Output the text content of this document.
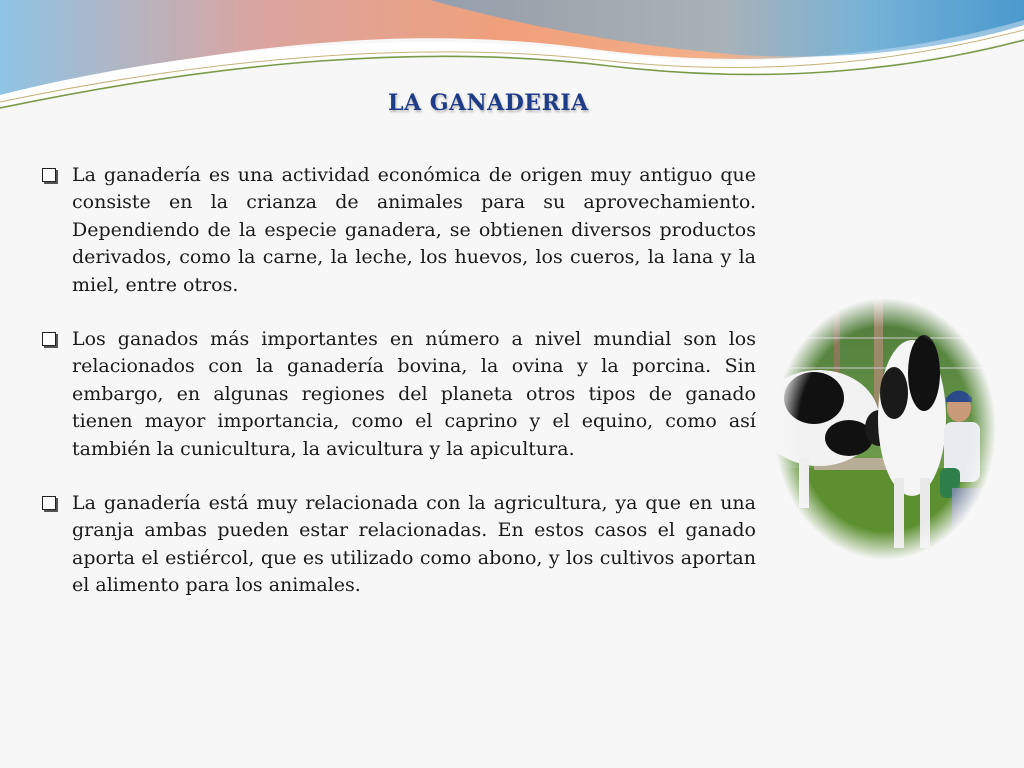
LA GANADERIA

La ganadería es una actividad económica de origen muy antiguo que consiste en la crianza de animales para su aprovechamiento. Dependiendo de la especie ganadera, se obtienen diversos productos derivados, como la carne, la leche, los huevos, los cueros, la lana y la miel, entre otros.

Los ganados más importantes en número a nivel mundial son los relacionados con la ganadería bovina, la ovina y la porcina. Sin embargo, en algunas regiones del planeta otros tipos de ganado tienen mayor importancia, como el caprino y el equino, como así también la cunicultura, la avicultura y la apicultura.

La ganadería está muy relacionada con la agricultura, ya que en una granja ambas pueden estar relacionadas. En estos casos el ganado aporta el estiércol, que es utilizado como abono, y los cultivos aportan el alimento para los animales.
